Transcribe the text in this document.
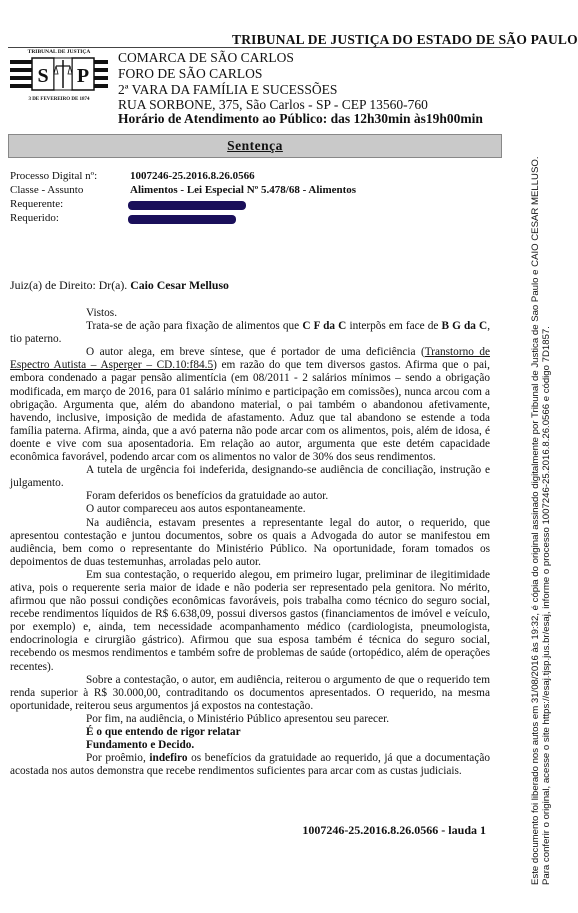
TRIBUNAL DE JUSTIÇA DO ESTADO DE SÃO PAULO
S P
TRIBUNAL DE JUSTIÇA
3 DE FEVEREIRO DE 1874
COMARCA DE SÃO CARLOS
FORO DE SÃO CARLOS
2ª VARA DA FAMÍLIA E SUCESSÕES
RUA SORBONE, 375, São Carlos - SP - CEP 13560-760
Horário de Atendimento ao Público: das 12h30min às19h00min
Sentença
Processo Digital nº:	1007246-25.2016.8.26.0566
Classe - Assunto	Alimentos - Lei Especial Nº 5.478/68 - Alimentos
Requerente:
Requerido:
Juiz(a) de Direito: Dr(a). Caio Cesar Melluso

Vistos.

Trata-se de ação para fixação de alimentos que C F da C interpõs em face de B G da C, tio paterno.

O autor alega, em breve síntese, que é portador de uma deficiência (Transtorno de Espectro Autista – Asperger – CD.10:f84.5) em razão do que tem diversos gastos. Afirma que o pai, embora condenado a pagar pensão alimentícia (em 08/2011 - 2 salários mínimos – sendo a obrigação modificada, em março de 2016, para 01 salário mínimo e participação em comissões), nunca arcou com a obrigação. Argumenta que, além do abandono material, o pai também o abandonou afetivamente, havendo, inclusive, imposição de medida de afastamento. Aduz que tal abandono se estende a toda família paterna. Afirma, ainda, que a avó paterna não pode arcar com os alimentos, pois, além de idosa, é doente e vive com sua aposentadoria. Em relação ao autor, argumenta que este detém capacidade econômica favorável, podendo arcar com os alimentos no valor de 30% dos seus rendimentos.

A tutela de urgência foi indeferida, designando-se audiência de conciliação, instrução e julgamento.

Foram deferidos os benefícios da gratuidade ao autor.

O autor compareceu aos autos espontaneamente.

Na audiência, estavam presentes a representante legal do autor, o requerido, que apresentou contestação e juntou documentos, sobre os quais a Advogada do autor se manifestou em audiência, bem como o representante do Ministério Público. Na oportunidade, foram tomados os depoimentos de duas testemunhas, arroladas pelo autor.

Em sua contestação, o requerido alegou, em primeiro lugar, preliminar de ilegitimidade ativa, pois o requerente seria maior de idade e não poderia ser representado pela genitora. No mérito, afirmou que não possui condições econômicas favoráveis, pois trabalha como técnico do seguro social, recebe rendimentos líquidos de R$ 6.638,09, possui diversos gastos (financiamentos de imóvel e veículo, por exemplo) e, ainda, tem necessidade acompanhamento médico (cardiologista, pneumologista, endocrinologia e cirurgião gástrico). Afirmou que sua esposa também é técnica do seguro social, recebendo os mesmos rendimentos e também sofre de problemas de saúde (ortopédico, além de operações recentes).

Sobre a contestação, o autor, em audiência, reiterou o argumento de que o requerido tem renda superior à R$ 30.000,00, contraditando os documentos apresentados. O requerido, na mesma oportunidade, reiterou seus argumentos já expostos na contestação.

Por fim, na audiência, o Ministério Público apresentou seu parecer.

É o que entendo de rigor relatar

Fundamento e Decido.

Por proêmio, indefiro os benefícios da gratuidade ao requerido, já que a documentação acostada nos autos demonstra que recebe rendimentos suficientes para arcar com as custas judiciais.

1007246-25.2016.8.26.0566 - lauda 1	Este documento foi liberado nos autos em 31/08/2016 às 19:32, é cópia do original assinado digitalmente por Tribunal de Justica de Sao Paulo e CAIO CESAR MELLUSO. Para conferir o original, acesse o site https://esaj.tjsp.jus.br/esaj, informe o processo 1007246-25.2016.8.26.0566 e código 7D1857.
